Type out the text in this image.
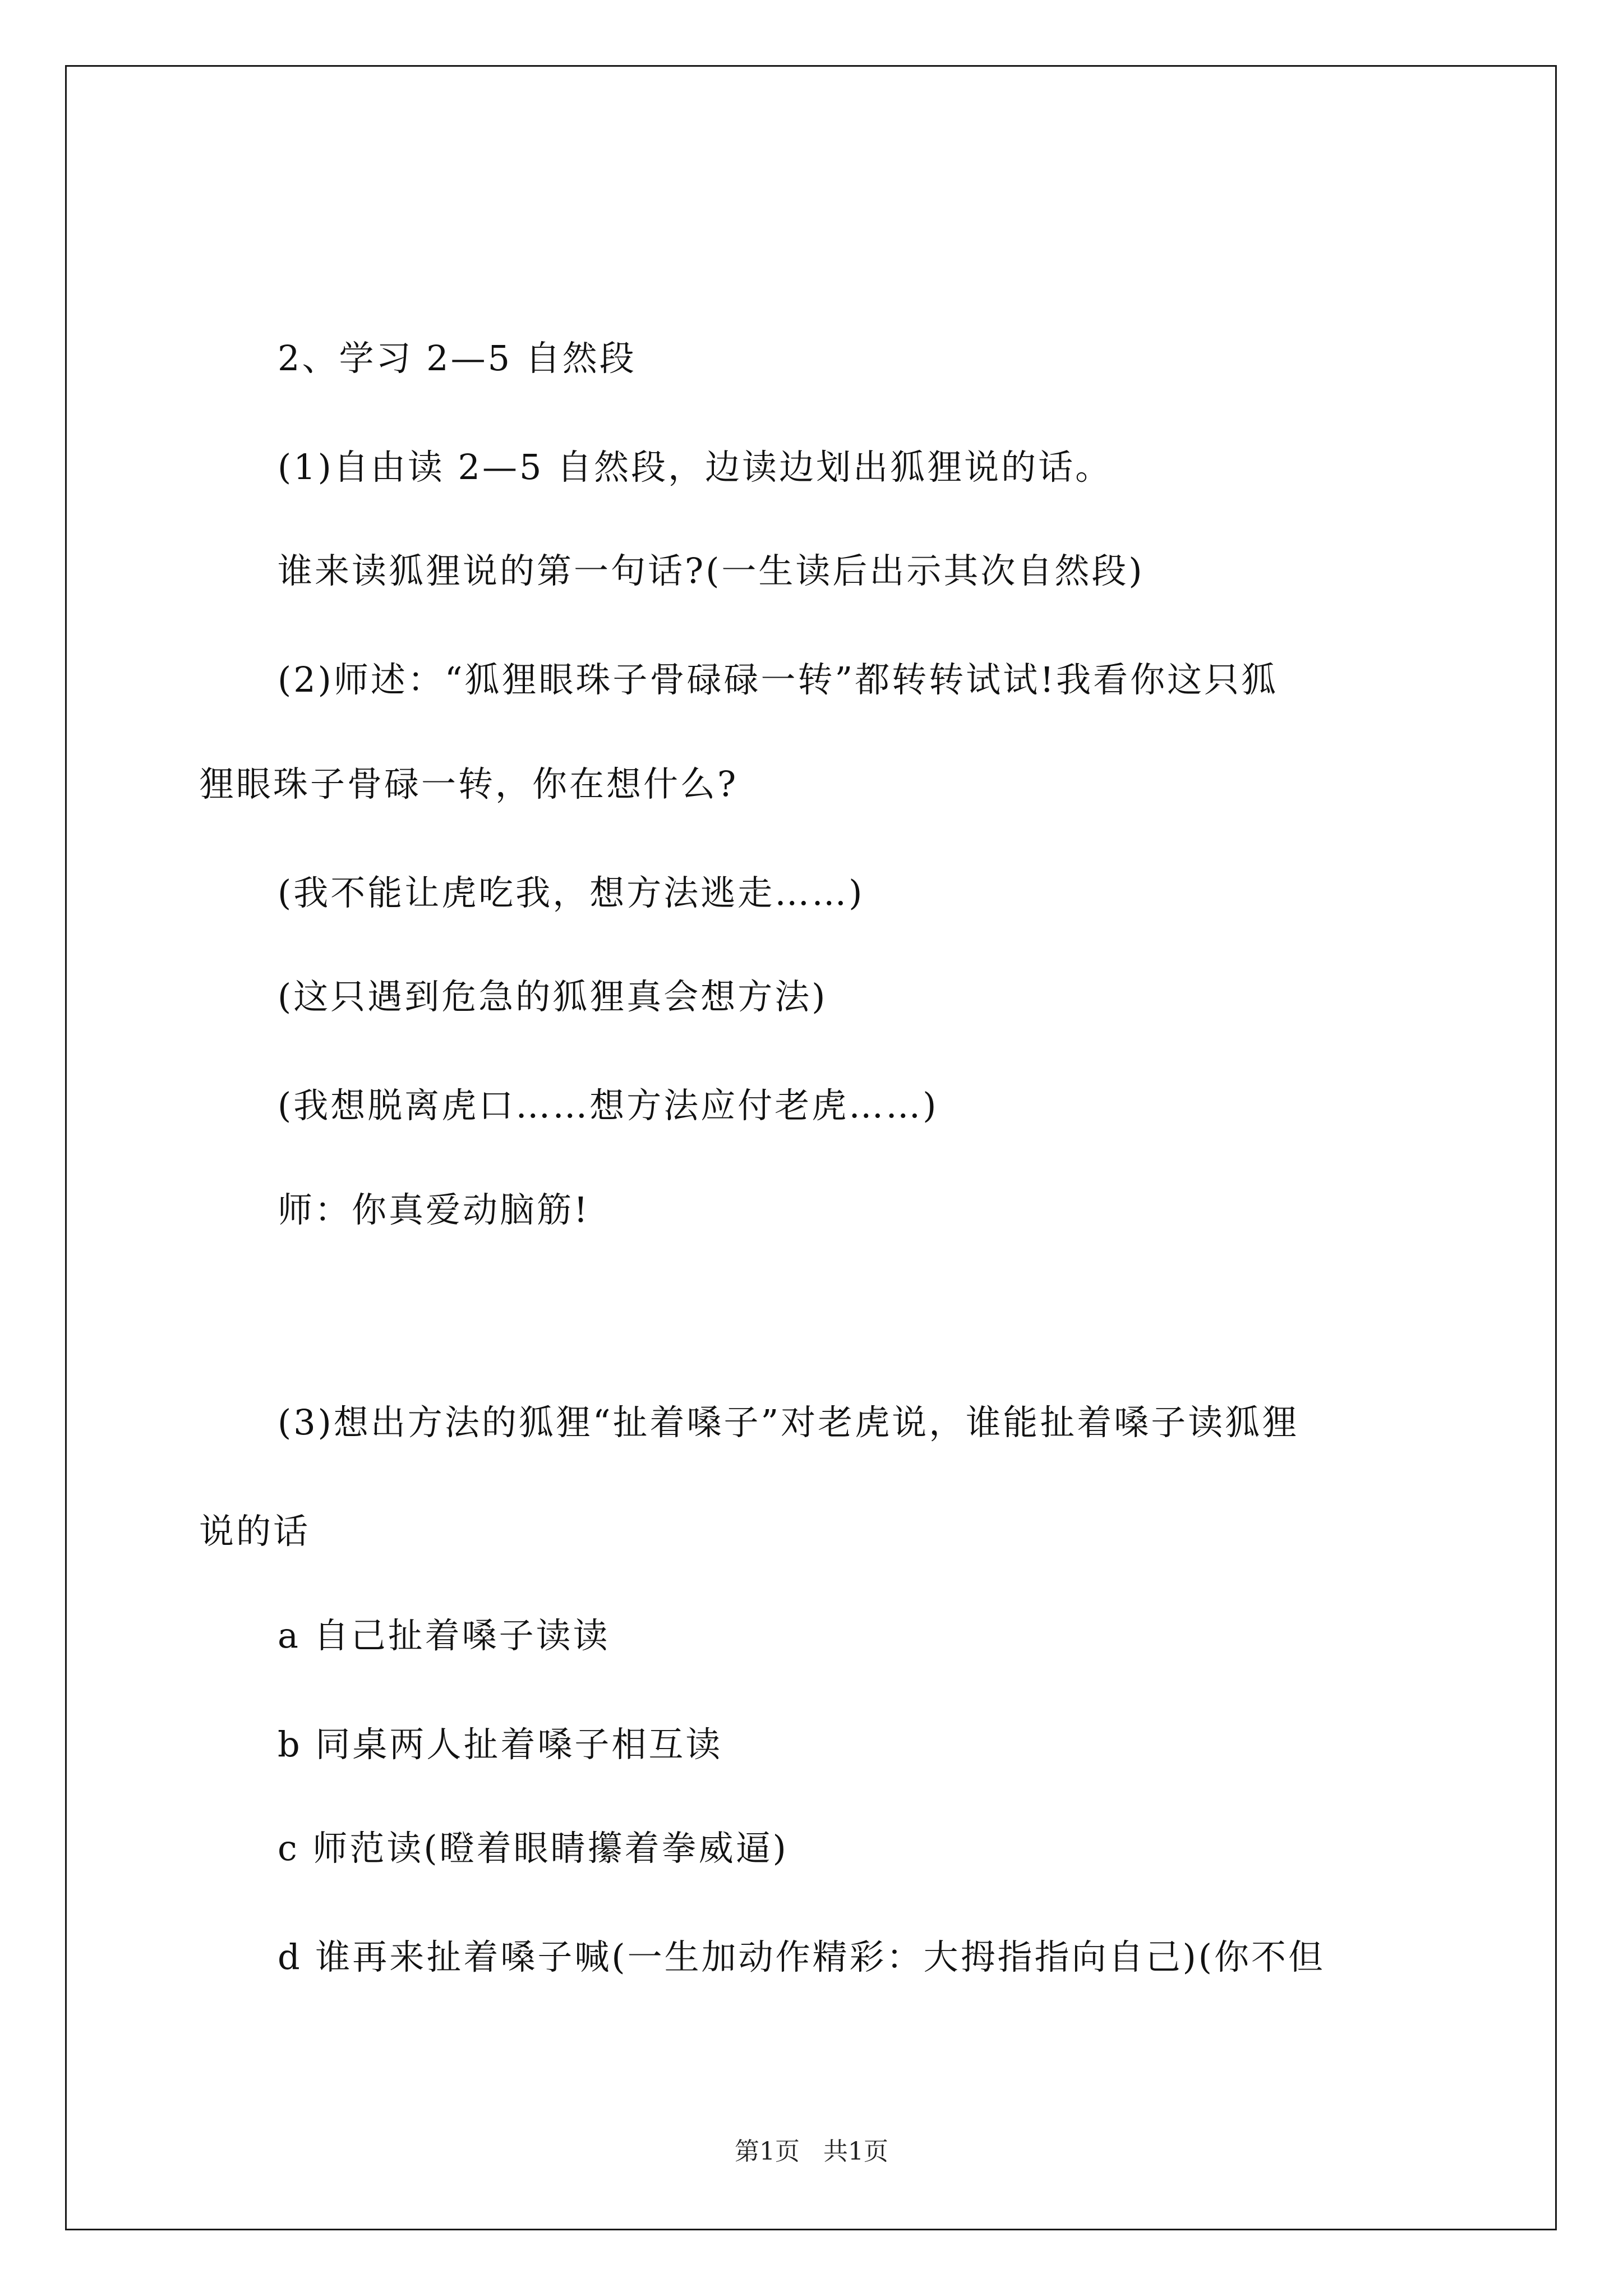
2、学习 2—5 自然段
(1)自由读 2—5 自然段，边读边划出狐狸说的话。
谁来读狐狸说的第一句话?(一生读后出示其次自然段)
(2)师述：“狐狸眼珠子骨碌碌一转”都转转试试!我看你这只狐
狸眼珠子骨碌一转，你在想什么?
(我不能让虎吃我，想方法逃走……)
(这只遇到危急的狐狸真会想方法)
(我想脱离虎口……想方法应付老虎……)
师：你真爱动脑筋!
(3)想出方法的狐狸“扯着嗓子”对老虎说，谁能扯着嗓子读狐狸
说的话
a 自己扯着嗓子读读
b 同桌两人扯着嗓子相互读
c 师范读(瞪着眼睛攥着拳威逼)
d 谁再来扯着嗓子喊(一生加动作精彩：大拇指指向自己)(你不但
第1页 共1页
